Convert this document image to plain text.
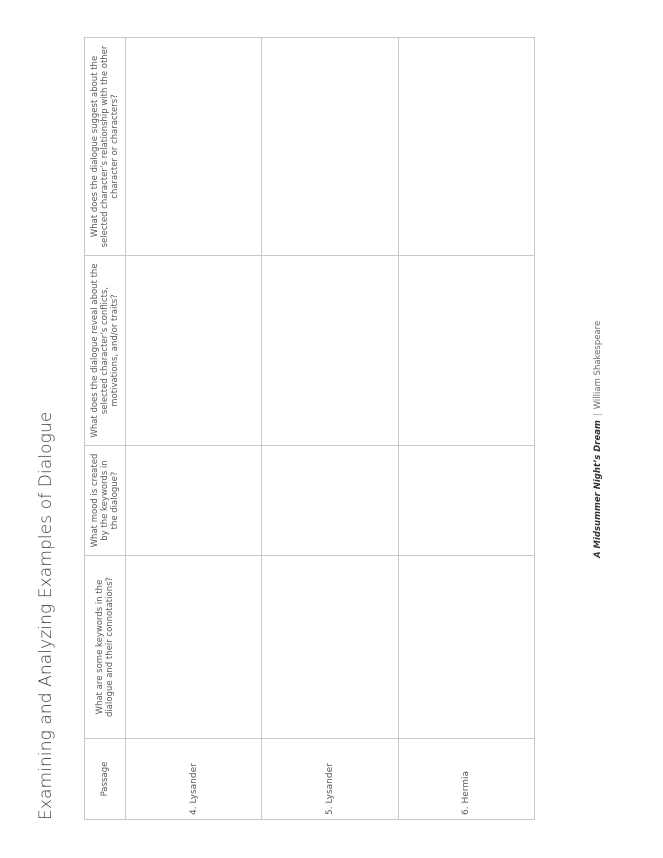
Examining and Analyzing Examples of Dialogue	Passage	What are some keywords in the dialogue and their connotations?	What mood is created by the keywords in the dialogue?	What does the dialogue reveal about the selected character’s conflicts, motivations, and/or traits?	What does the dialogue suggest about the selected character’s relationship with the other character or characters?
4. Lysander				
5. Lysander				
6. Hermia				
A Midsummer Night’s Dream|William Shakespeare
